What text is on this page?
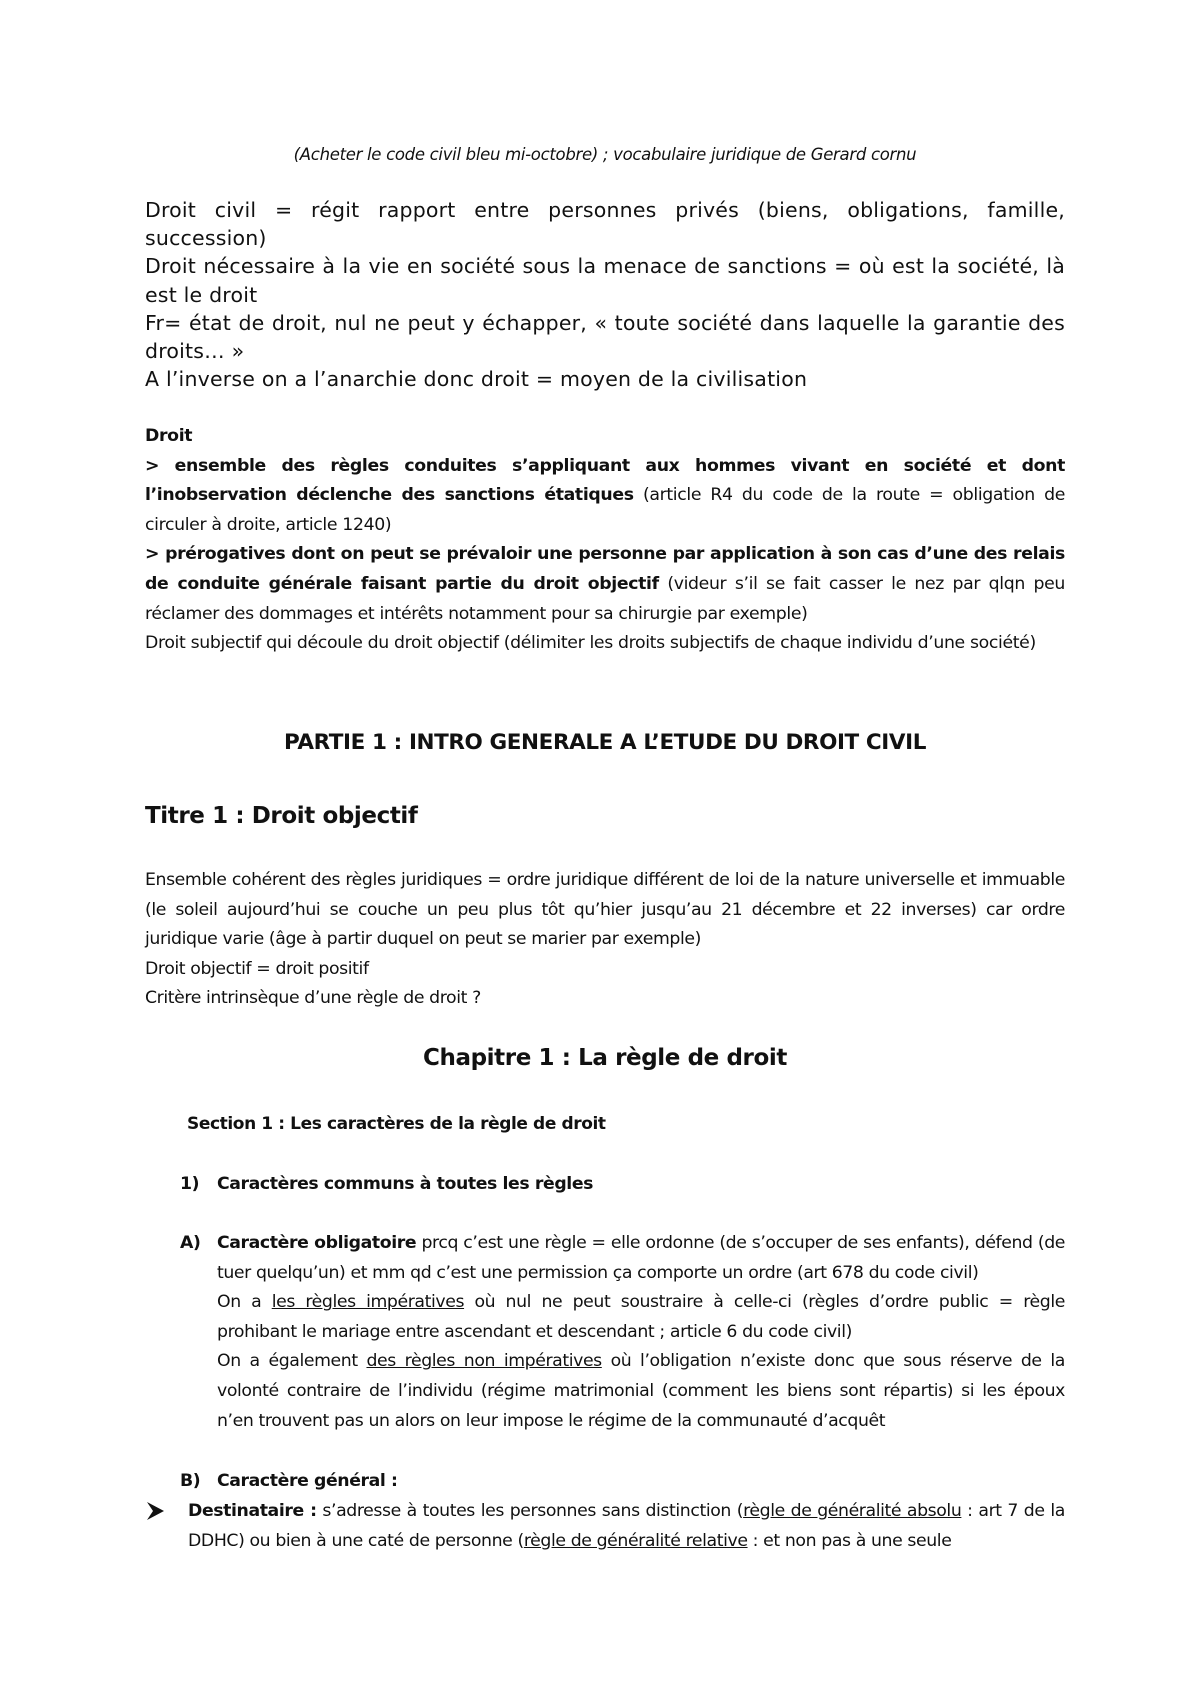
(Acheter le code civil bleu mi-octobre) ; vocabulaire juridique de Gerard cornu

Droit civil = régit rapport entre personnes privés (biens, obligations, famille, succession)

Droit nécessaire à la vie en société sous la menace de sanctions = où est la société, là est le droit

Fr= état de droit, nul ne peut y échapper, « toute société dans laquelle la garantie des droits… »

A l’inverse on a l’anarchie donc droit = moyen de la civilisation

Droit

> ensemble des règles conduites s’appliquant aux hommes vivant en société et dont l’inobservation déclenche des sanctions étatiques (article R4 du code de la route = obligation de circuler à droite, article 1240)

> prérogatives dont on peut se prévaloir une personne par application à son cas d’une des relais de conduite générale faisant partie du droit objectif (videur s’il se fait casser le nez par qlqn peu réclamer des dommages et intérêts notamment pour sa chirurgie par exemple)

Droit subjectif qui découle du droit objectif (délimiter les droits subjectifs de chaque individu d’une société)

PARTIE 1 : INTRO GENERALE A L’ETUDE DU DROIT CIVIL
Titre 1 : Droit objectif

Ensemble cohérent des règles juridiques = ordre juridique différent de loi de la nature universelle et immuable (le soleil aujourd’hui se couche un peu plus tôt qu’hier jusqu’au 21 décembre et 22 inverses) car ordre juridique varie (âge à partir duquel on peut se marier par exemple)

Droit objectif = droit positif

Critère intrinsèque d’une règle de droit ?

Chapitre 1 : La règle de droit
Section 1 : Les caractères de la règle de droit
1) Caractères communs à toutes les règles

A) Caractère obligatoire prcq c’est une règle = elle ordonne (de s’occuper de ses enfants), défend (de tuer quelqu’un) et mm qd c’est une permission ça comporte un ordre (art 678 du code civil)

On a les règles impératives où nul ne peut soustraire à celle-ci (règles d’ordre public = règle prohibant le mariage entre ascendant et descendant ; article 6 du code civil)

On a également des règles non impératives où l’obligation n’existe donc que sous réserve de la volonté contraire de l’individu (régime matrimonial (comment les biens sont répartis) si les époux n’en trouvent pas un alors on leur impose le régime de la communauté d’acquêt

B) Caractère général :

Destinataire : s’adresse à toutes les personnes sans distinction (règle de généralité absolu : art 7 de la DDHC) ou bien à une caté de personne (règle de généralité relative : et non pas à une seule
